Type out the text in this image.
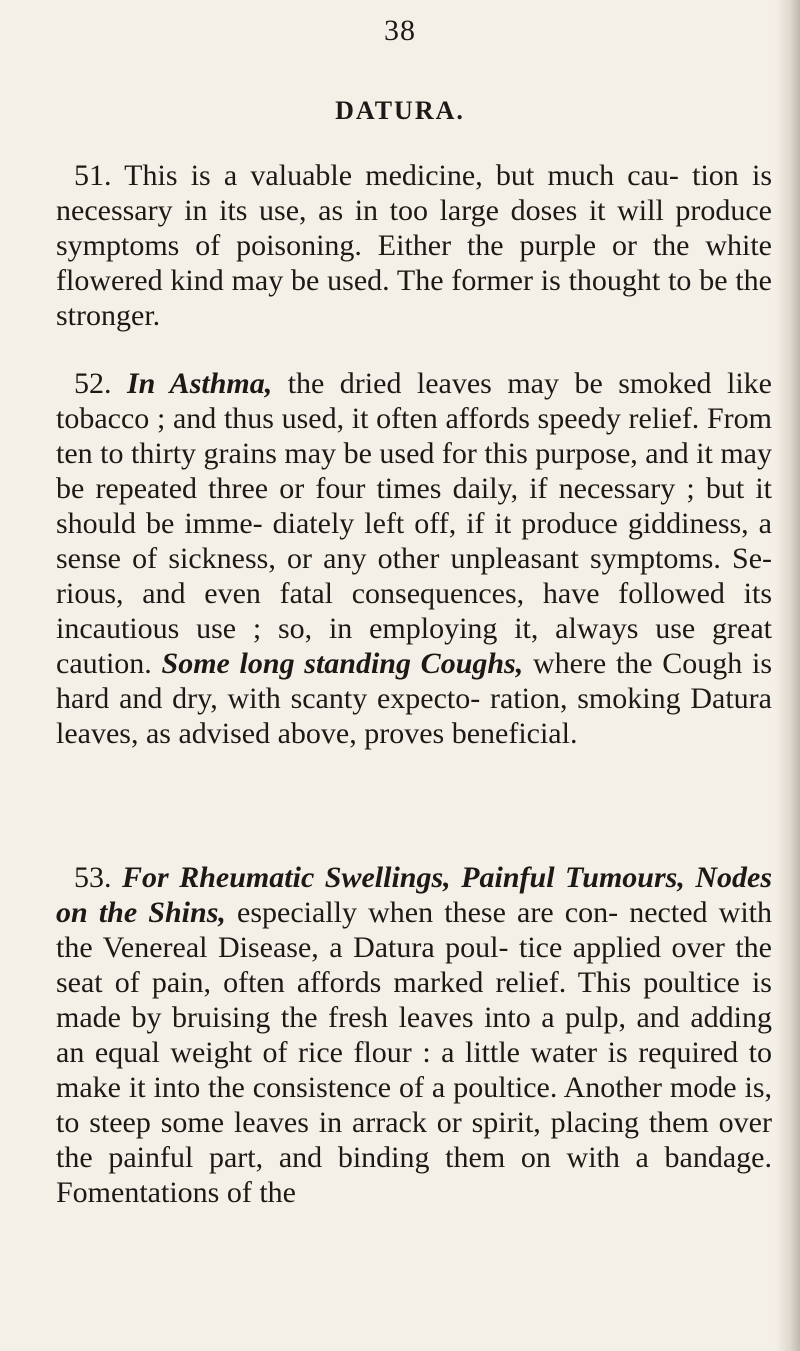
38
DATURA.

51. This is a valuable medicine, but much cau- tion is necessary in its use, as in too large doses it will produce symptoms of poisoning. Either the purple or the white flowered kind may be used. The former is thought to be the stronger.

52. In Asthma, the dried leaves may be smoked like tobacco ; and thus used, it often affords speedy relief. From ten to thirty grains may be used for this purpose, and it may be repeated three or four times daily, if necessary ; but it should be imme- diately left off, if it produce giddiness, a sense of sickness, or any other unpleasant symptoms. Se- rious, and even fatal consequences, have followed its incautious use ; so, in employing it, always use great caution. Some long standing Coughs, where the Cough is hard and dry, with scanty expecto- ration, smoking Datura leaves, as advised above, proves beneficial.

53. For Rheumatic Swellings, Painful Tumours, Nodes on the Shins, especially when these are con- nected with the Venereal Disease, a Datura poul- tice applied over the seat of pain, often affords marked relief. This poultice is made by bruising the fresh leaves into a pulp, and adding an equal weight of rice flour : a little water is required to make it into the consistence of a poultice. Another mode is, to steep some leaves in arrack or spirit, placing them over the painful part, and binding them on with a bandage. Fomentations of the
